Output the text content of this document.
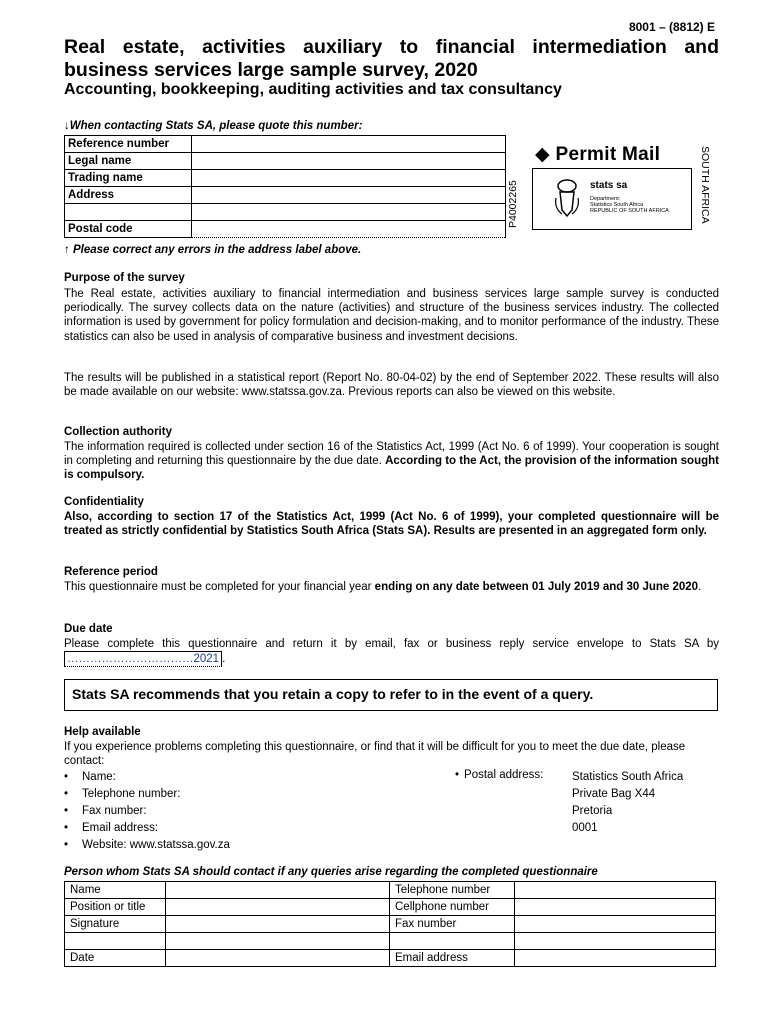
8001 – (8812) E
Real estate, activities auxiliary to financial intermediation and
business services large sample survey, 2020
Accounting, bookkeeping, auditing activities and tax consultancy
↓When contacting Stats SA, please quote this number:
Reference number	
Legal name	
Trading name	
Address	

Postal code	
↑ Please correct any errors in the address label above.
◆ Permit Mail
P4002265	SOUTH AFRICA
stats sa
Department:
Statistics South Africa
REPUBLIC OF SOUTH AFRICA
Purpose of the survey
The Real estate, activities auxiliary to financial intermediation and business services large sample survey is conducted periodically. The survey collects data on the nature (activities) and structure of the business services industry. The collected information is used by government for policy formulation and decision-making, and to monitor performance of the industry. These statistics can also be used in analysis of comparative business and investment decisions.
The results will be published in a statistical report (Report No. 80-04-02) by the end of September 2022. These results will also be made available on our website: www.statssa.gov.za. Previous reports can also be viewed on this website.
Collection authority
The information required is collected under section 16 of the Statistics Act, 1999 (Act No. 6 of 1999). Your cooperation is sought in completing and returning this questionnaire by the due date. According to the Act, the provision of the information sought is compulsory.
Confidentiality
Also, according to section 17 of the Statistics Act, 1999 (Act No. 6 of 1999), your completed questionnaire will be treated as strictly confidential by Statistics South Africa (Stats SA). Results are presented in an aggregated form only.
Reference period
This questionnaire must be completed for your financial year ending on any date between 01 July 2019 and 30 June 2020.
Due date
Please complete this questionnaire and return it by email, fax or business reply service envelope to Stats SA by ……………………………2021 .
Stats SA recommends that you retain a copy to refer to in the event of a query.
Help available
If you experience problems completing this questionnaire, or find that it will be difficult for you to meet the due date, please contact:
• Name:
• Telephone number:
• Fax number:
• Email address:
• Website: www.statssa.gov.za
• Postal address: Statistics South Africa
Private Bag X44
Pretoria
0001
Person whom Stats SA should contact if any queries arise regarding the completed questionnaire
Name		Telephone number	
Position or title		Cellphone number	
Signature		Fax number	

Date		Email address	
